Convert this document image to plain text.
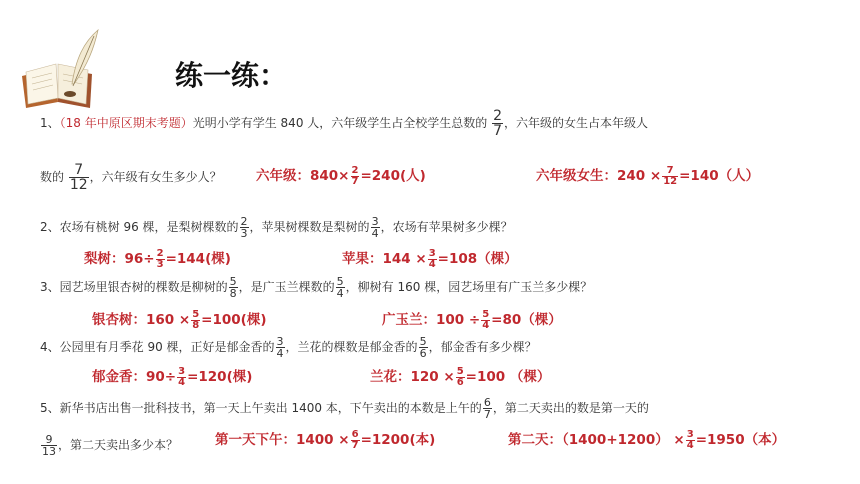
练一练：
1、（18 年中原区期末考题）光明小学有学生 840 人，六年级学生占全校学生总数的 $\frac{2}{7}$ ，六年级的女生占本年级人
数的 $\frac{7}{12}$ ，六年级有女生多少人？	六年级：$840\times \frac{2}{7} =240$(人)	六年级女生：$240 \times \frac{7}{12} =140$（人）
2、农场有桃树 96 棵，是梨树棵数的 $\frac{2}{3}$ ，苹果树棵数是梨树的 $\frac{3}{4}$ ，农场有苹果树多少棵？
梨树：$96\div \frac{2}{3} =144$(棵)	苹果：$144 \times \frac{3}{4} =108$（棵）
3、园艺场里银杏树的棵数是柳树的 $\frac{5}{8}$ ，是广玉兰棵数的 $\frac{5}{4}$ ，柳树有 160 棵，园艺场里有广玉兰多少棵？
银杏树：$160 \times \frac{5}{8} =100$(棵)	广玉兰：$100 \div \frac{5}{4} =80$（棵）
4、公园里有月季花 90 棵，正好是郁金香的 $\frac{3}{4}$ ，兰花的棵数是郁金香的 $\frac{5}{6}$ ，郁金香有多少棵？
郁金香：$90\div \frac{3}{4} =120$(棵)	兰花：$120 \times \frac{5}{6} =100$ （棵）
5、新华书店出售一批科技书，第一天上午卖出 1400 本，下午卖出的本数是上午的 $\frac{6}{7}$ ，第二天卖出的数是第一天的
$\frac{9}{13}$ ，第二天卖出多少本？	第一天下午：$1400 \times \frac{6}{7} =1200$(本)	第二天：$(1400+1200) \times \frac{3}{4} =1950$（本）
